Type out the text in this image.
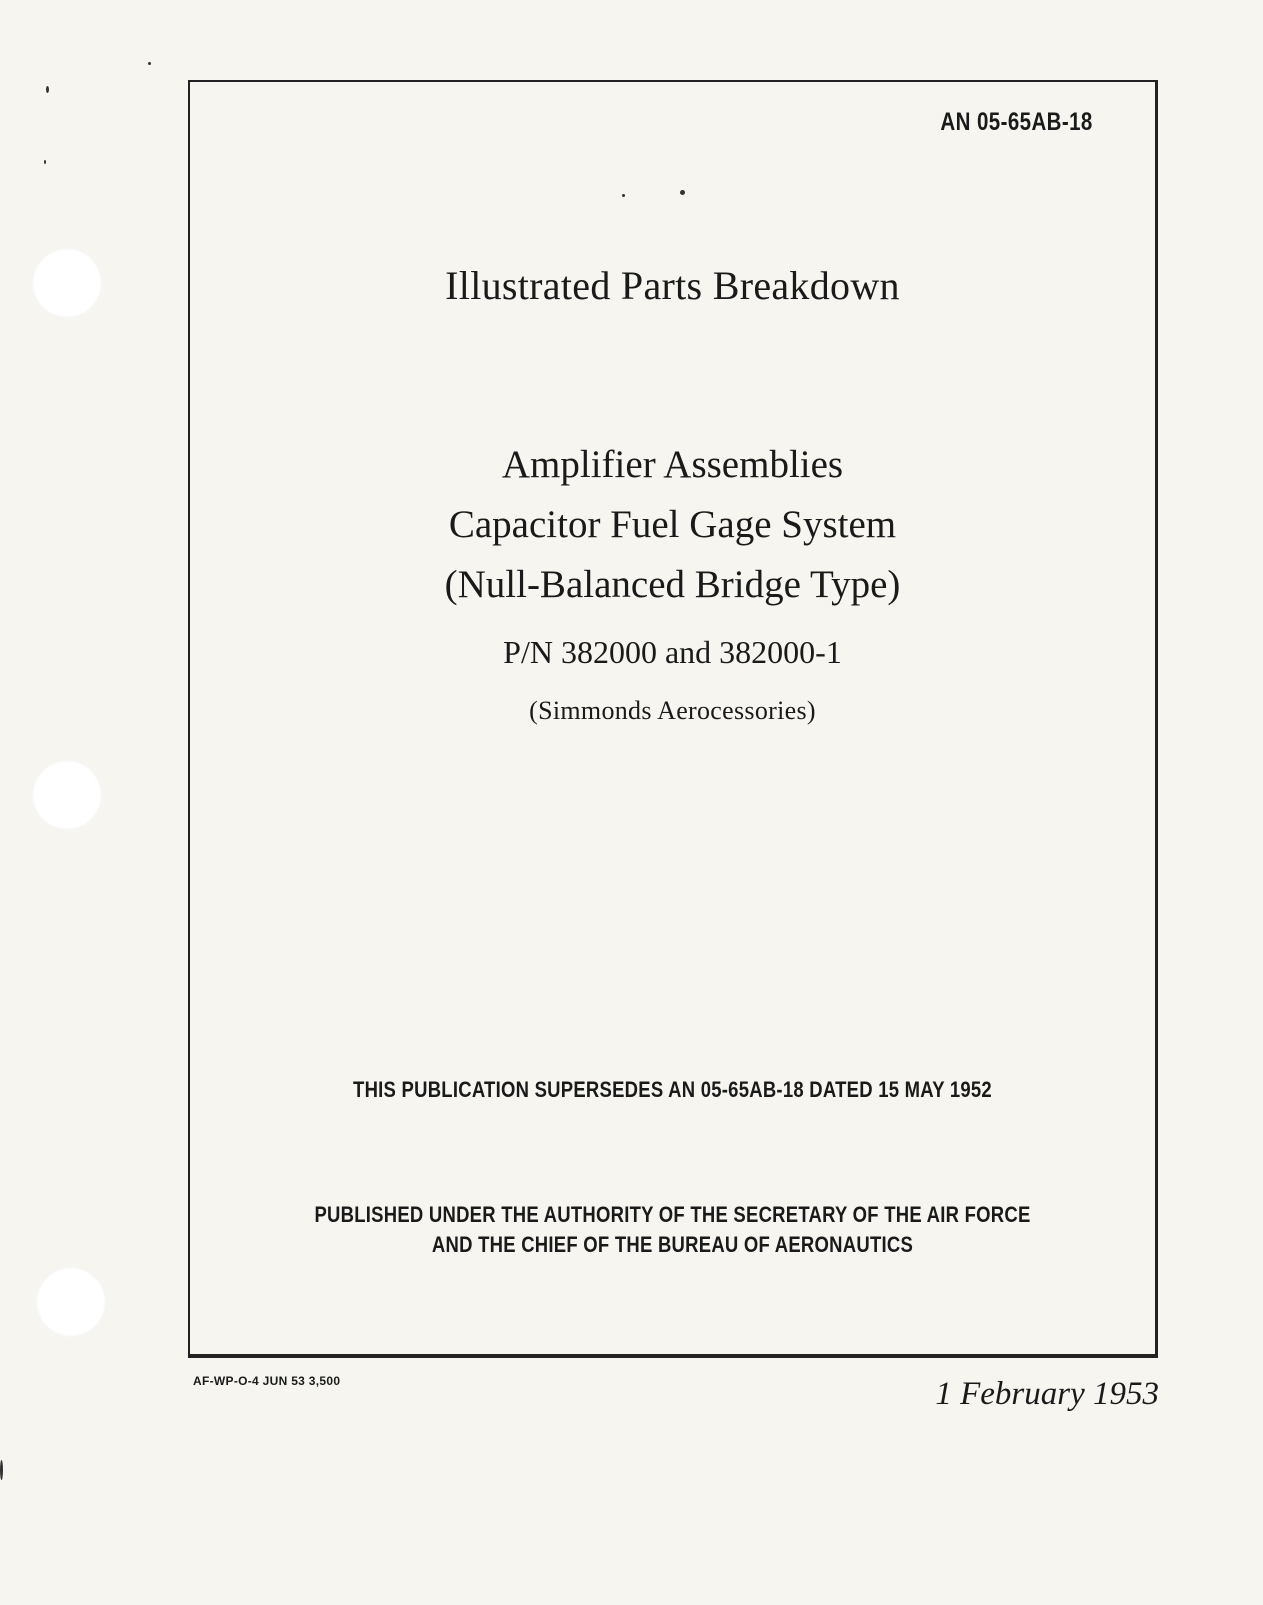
AN 05-65AB-18
Illustrated Parts Breakdown
Amplifier Assemblies
Capacitor Fuel Gage System
(Null-Balanced Bridge Type)
P/N 382000 and 382000-1
(Simmonds Aerocessories)
THIS PUBLICATION SUPERSEDES AN 05-65AB-18 DATED 15 MAY 1952
PUBLISHED UNDER THE AUTHORITY OF THE SECRETARY OF THE AIR FORCE
AND THE CHIEF OF THE BUREAU OF AERONAUTICS
AF-WP-O-4 JUN 53 3,500	1 February 1953
